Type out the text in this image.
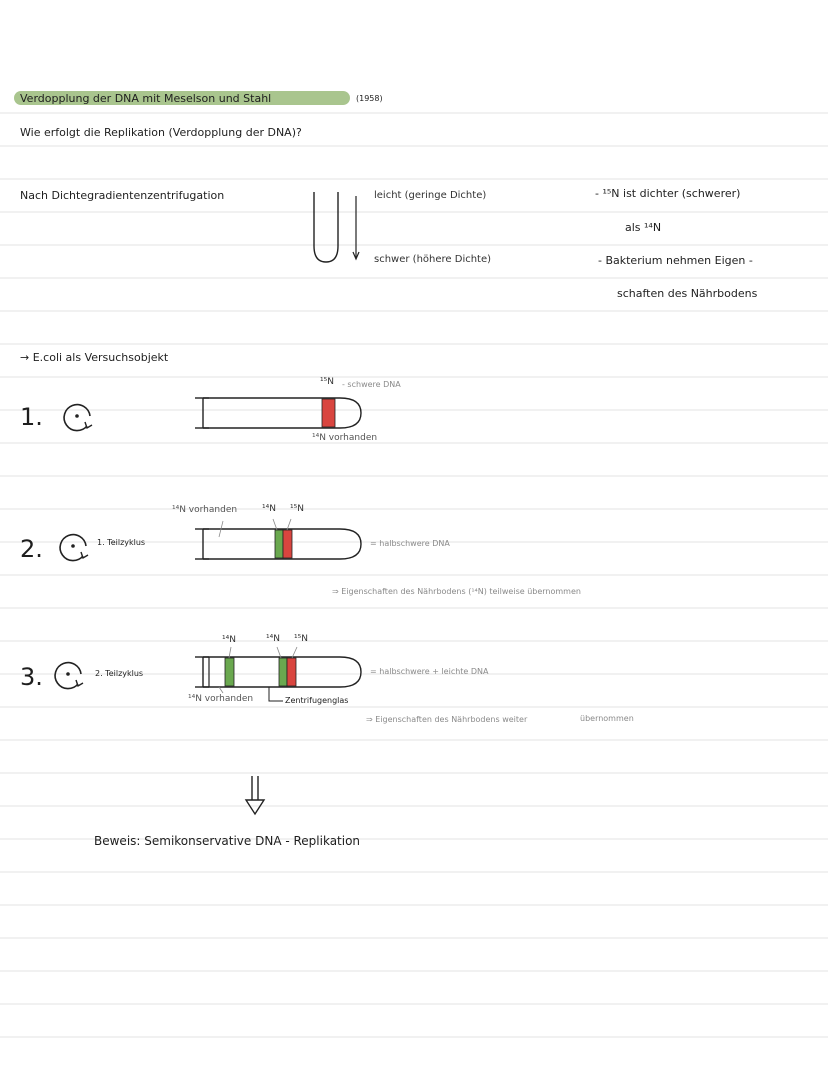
Verdopplung der DNA mit Meselson und Stahl	(1958)
Wie erfolgt die Replikation (Verdopplung der DNA)?
Nach Dichtegradientenzentrifugation	leicht (geringe Dichte)
schwer (höhere Dichte)
- ¹⁵N ist dichter (schwerer)
als ¹⁴N
- Bakterium nehmen Eigen -
schaften des Nährbodens
→ E.coli als Versuchsobjekt
1.
¹⁵N - schwere DNA
¹⁴N vorhanden
2.	1. Teilzyklus
¹⁴N vorhanden	¹⁴N ¹⁵N
= halbschwere DNA
⇒ Eigenschaften des Nährbodens (¹⁴N) teilweise übernommen
3.	2. Teilzyklus
¹⁴N	¹⁴N ¹⁵N
¹⁴N vorhanden	Zentrifugenglas
= halbschwere + leichte DNA
⇒ Eigenschaften des Nährbodens weiter	übernommen
Beweis: Semikonservative DNA - Replikation
